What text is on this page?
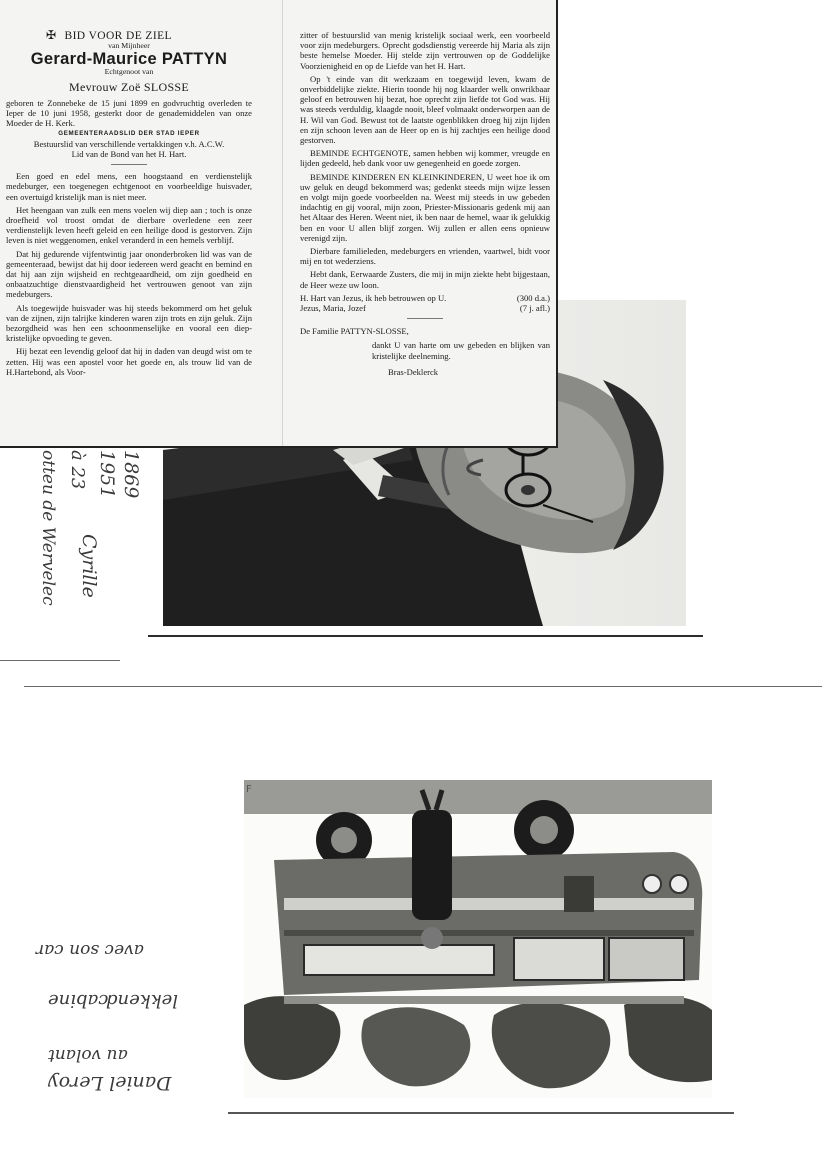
✠ BID VOOR DE ZIEL
van Mijnheer
Gerard-Maurice PATTYN
Echtgenoot van
Mevrouw Zoë SLOSSE
geboren te Zonnebeke de 15 juni 1899 en godvruchtig overleden te Ieper de 10 juni 1958, gesterkt door de genademiddelen van onze Moeder de H. Kerk.
GEMEENTERAADSLID DER STAD IEPER
Bestuurslid van verschillende vertakkingen v.h. A.C.W.
Lid van de Bond van het H. Hart.

Een goed en edel mens, een hoogstaand en verdienstelijk medeburger, een toegenegen echtgenoot en voorbeeldige huisvader, een overtuigd kristelijk man is niet meer.

Het heengaan van zulk een mens voelen wij diep aan ; toch is onze droefheid vol troost omdat de dierbare overledene een zeer verdienstelijk leven heeft geleid en een heilige dood is gestorven. Zijn leven is niet weggenomen, enkel veranderd in een hemels verblijf.

Dat hij gedurende vijfentwintig jaar ononderbroken lid was van de gemeenteraad, bewijst dat hij door iedereen werd geacht en bemind en dat hij aan zijn wijsheid en rechtgeaardheid, om zijn goedheid en onbaatzuchtige dienstvaardigheid het vertrouwen genoot van zijn medeburgers.

Als toegewijde huisvader was hij steeds bekommerd om het geluk van de zijnen, zijn talrijke kinderen waren zijn trots en zijn geluk. Zijn bezorgdheid was hen een schoonmenselijke en vooral een diep-kristelijke opvoeding te geven.

Hij bezat een levendig geloof dat hij in daden van deugd wist om te zetten. Hij was een apostel voor het goede en, als trouw lid van de H.Hartebond, als Voor-

zitter of bestuurslid van menig kristelijk sociaal werk, een voorbeeld voor zijn medeburgers. Oprecht godsdienstig vereerde hij Maria als zijn beste hemelse Moeder. Hij stelde zijn vertrouwen op de Goddelijke Voorzienigheid en op de Liefde van het H. Hart.

Op 't einde van dit werkzaam en toegewijd leven, kwam de onverbiddelijke ziekte. Hierin toonde hij nog klaarder welk onwrikbaar geloof en betrouwen hij bezat, hoe oprecht zijn liefde tot God was. Hij was steeds verduldig, klaagde nooit, bleef volmaakt onderworpen aan de H. Wil van God. Bewust tot de laatste ogenblikken droeg hij zijn lijden en zijn schoon leven aan de Heer op en is hij zachtjes een heilige dood gestorven.

BEMINDE ECHTGENOTE, samen hebben wij kommer, vreugde en lijden gedeeld, heb dank voor uw genegenheid en goede zorgen.

BEMINDE KINDEREN EN KLEINKINDEREN, U weet hoe ik om uw geluk en deugd bekommerd was; gedenkt steeds mijn wijze lessen en volgt mijn goede voorbeelden na. Weest mij steeds in uw gebeden indachtig en gij vooral, mijn zoon, Priester-Missionaris gedenk mij aan het Altaar des Heren. Weent niet, ik ben naar de hemel, waar ik gelukkig ben en voor U allen blijf zorgen. Wij zullen er allen eens opnieuw verenigd zijn.

Dierbare familieleden, medeburgers en vrienden, vaartwel, bidt voor mij en tot wederziens.

Hebt dank, Eerwaarde Zusters, die mij in mijn ziekte hebt bijgestaan, de Heer weze uw loon.

H. Hart van Jezus, ik heb betrouwen op U.	(300 d.a.)
Jezus, Maria, Jozef	(7 j. afl.)
De Familie PATTYN-SLOSSE,
dankt U van harte om uw gebeden en blijken van kristelijke deelneming.
Bras-Deklerck
Cyrille
1869
1951
à 23
otteu de Wervelec
F
avec son car
lekkend
cabine
au volant
Daniel Leroy
